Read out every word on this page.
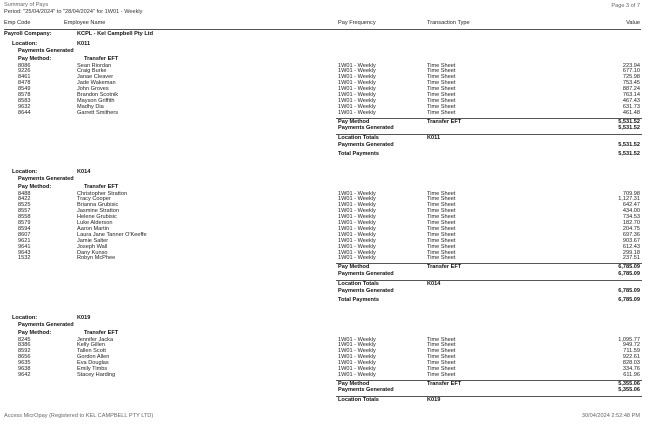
Summary of Pays
Period: "25/04/2024" to "28/04/2024" for 1W01 - Weekly
Page 3 of 7
Emp Code	Employee Name	Pay Frequency	Transaction Type	Value
Payroll Company:	KCPL - Kel Campbell Pty Ltd
Location:	K011
Payments Generated
Pay Method:	Transfer EFT
8086	Sean Riordan	1W01 - Weekly	Time Sheet	223.94
9226	Craig Burke	1W01 - Weekly	Time Sheet	677.10
8461	Janae Cleaver	1W01 - Weekly	Time Sheet	725.98
8478	Jade Wakeman	1W01 - Weekly	Time Sheet	753.45
8549	John Groves	1W01 - Weekly	Time Sheet	887.24
8578	Brandon Scotnik	1W01 - Weekly	Time Sheet	763.14
8583	Mayson Griffith	1W01 - Weekly	Time Sheet	467.43
9632	Madhy Dia	1W01 - Weekly	Time Sheet	631.73
8644	Garrett Smithers	1W01 - Weekly	Time Sheet	461.48
Pay Method	Transfer EFT	5,531.52
Payments Generated	5,531.52
Location Totals	K011
Payments Generated	5,531.52
Total Payments	5,531.52
Location:	K014
Payments Generated
Pay Method:	Transfer EFT
8488	Christopher Stratton	1W01 - Weekly	Time Sheet	709.98
8422	Tracy Cooper	1W01 - Weekly	Time Sheet	1,127.31
8525	Brianna Grubisic	1W01 - Weekly	Time Sheet	642.47
8557	Jasmine Stratton	1W01 - Weekly	Time Sheet	434.00
8558	Helene Grubisic	1W01 - Weekly	Time Sheet	734.53
8579	Luke Alderson	1W01 - Weekly	Time Sheet	182.70
8594	Aaron Martin	1W01 - Weekly	Time Sheet	204.75
8607	Laura Jane Tanner O'Keeffe	1W01 - Weekly	Time Sheet	697.36
9621	Jamie Salter	1W01 - Weekly	Time Sheet	903.67
9641	Joseph Wall	1W01 - Weekly	Time Sheet	612.43
9643	Dany Kunso	1W01 - Weekly	Time Sheet	299.18
1532	Robyn McPhee	1W01 - Weekly	Time Sheet	237.51
Pay Method	Transfer EFT	6,785.09
Payments Generated	6,785.09
Location Totals	K014
Payments Generated	6,785.09
Total Payments	6,785.09
Location:	K019
Payments Generated
Pay Method:	Transfer EFT
8245	Jennifer Jacka	1W01 - Weekly	Time Sheet	1,095.77
8386	Kelly Gillen	1W01 - Weekly	Time Sheet	949.72
8592	Tallen Scott	1W01 - Weekly	Time Sheet	711.59
8656	Gordon Allen	1W01 - Weekly	Time Sheet	922.61
9635	Eva Douglas	1W01 - Weekly	Time Sheet	828.03
9638	Emily Timbs	1W01 - Weekly	Time Sheet	334.76
9642	Stacey Harding	1W01 - Weekly	Time Sheet	611.96
Pay Method	Transfer EFT	5,355.06
Payments Generated	5,355.06
Location Totals	K019
Access MicrOpay (Registered to KEL CAMPBELL PTY LTD)	30/04/2024 2:52:48 PM
